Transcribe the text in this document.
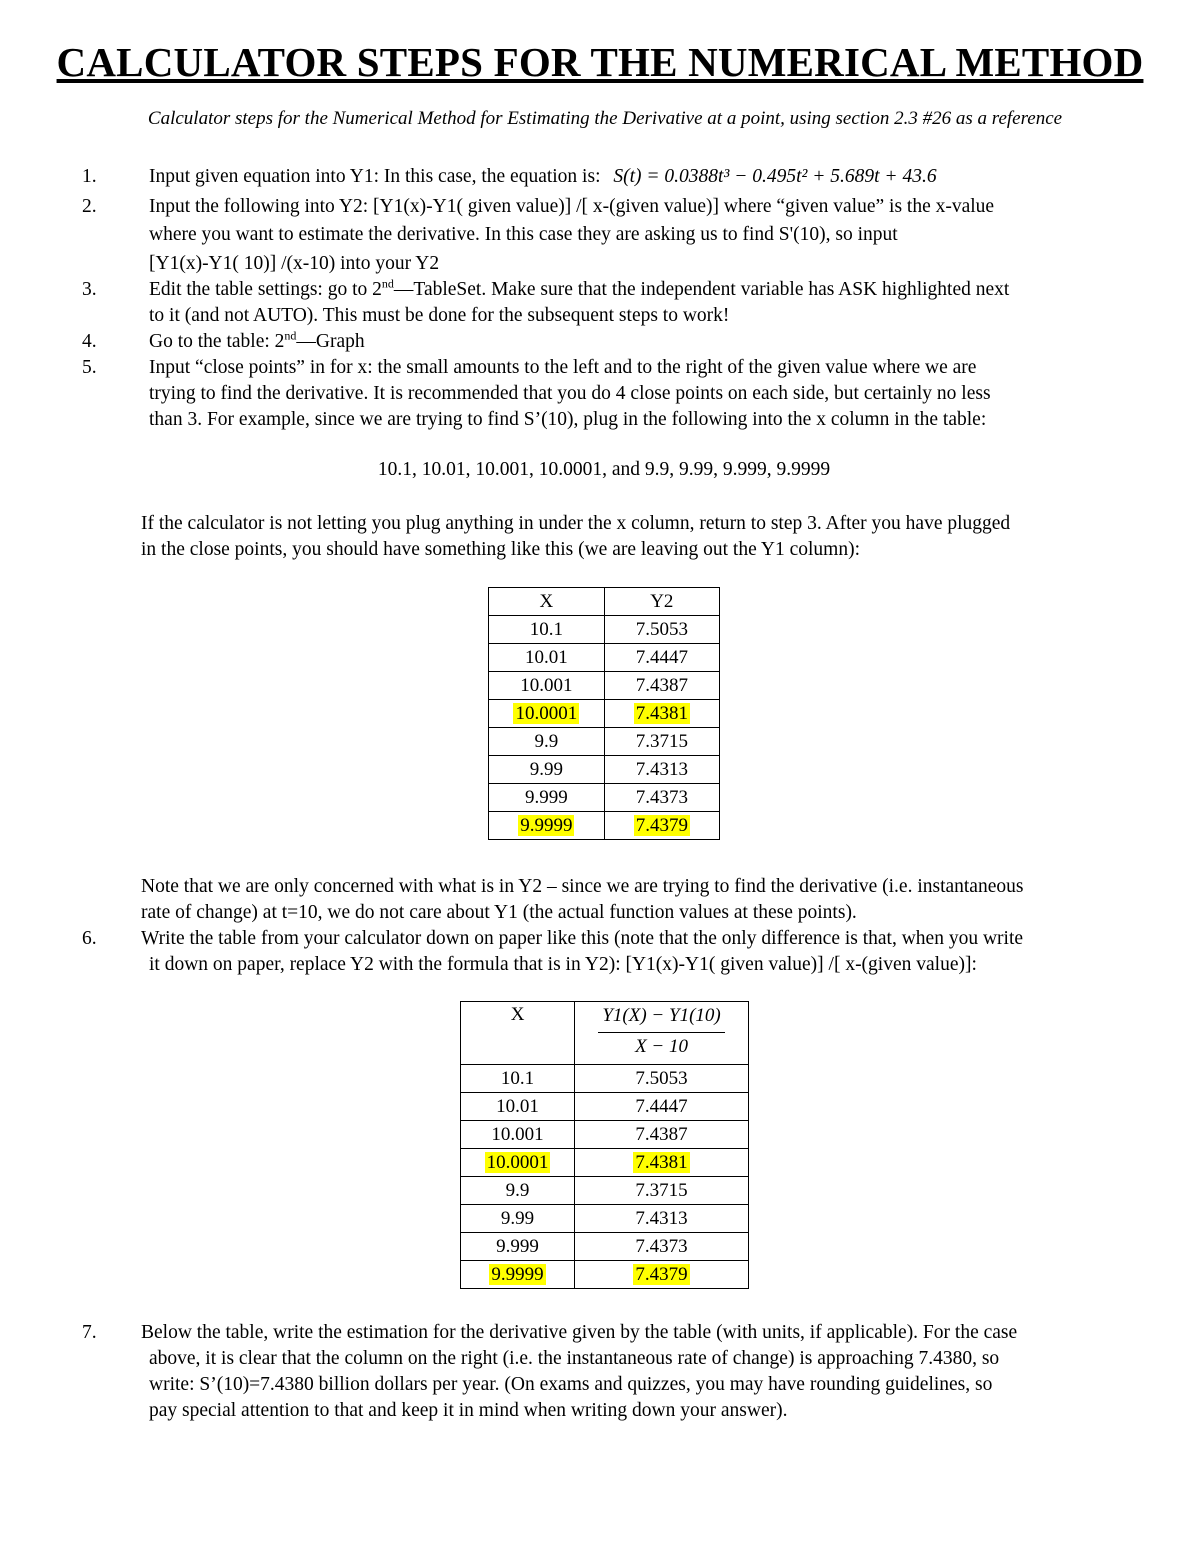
CALCULATOR STEPS FOR THE NUMERICAL METHOD
Calculator steps for the Numerical Method for Estimating the Derivative at a point, using section 2.3 #26 as a reference
1.	Input given equation into Y1: In this case, the equation is: S(t) = 0.0388t³ − 0.495t² + 5.689t + 43.6
2.	Input the following into Y2: [Y1(x)-Y1( given value)] /[ x-(given value)] where “given value” is the x-value
where you want to estimate the derivative. In this case they are asking us to find S'(10), so input
[Y1(x)-Y1( 10)] /(x-10) into your Y2
3.	Edit the table settings: go to 2nd—TableSet. Make sure that the independent variable has ASK highlighted next
to it (and not AUTO). This must be done for the subsequent steps to work!
4.	Go to the table: 2nd—Graph
5.	Input “close points” in for x: the small amounts to the left and to the right of the given value where we are
trying to find the derivative. It is recommended that you do 4 close points on each side, but certainly no less
than 3. For example, since we are trying to find S’(10), plug in the following into the x column in the table:
10.1, 10.01, 10.001, 10.0001, and 9.9, 9.99, 9.999, 9.9999
If the calculator is not letting you plug anything in under the x column, return to step 3. After you have plugged
in the close points, you should have something like this (we are leaving out the Y1 column):
X	Y2
10.1	7.5053
10.01	7.4447
10.001	7.4387
10.0001	7.4381
9.9	7.3715
9.99	7.4313
9.999	7.4373
9.9999	7.4379
Note that we are only concerned with what is in Y2 – since we are trying to find the derivative (i.e. instantaneous
rate of change) at t=10, we do not care about Y1 (the actual function values at these points).
6. Write the table from your calculator down on paper like this (note that the only difference is that, when you write
it down on paper, replace Y2 with the formula that is in Y2): [Y1(x)-Y1( given value)] /[ x-(given value)]:
X	Y1(X) − Y1(10)
X − 10
10.1	7.5053
10.01	7.4447
10.001	7.4387
10.0001	7.4381
9.9	7.3715
9.99	7.4313
9.999	7.4373
9.9999	7.4379
7. Below the table, write the estimation for the derivative given by the table (with units, if applicable). For the case
above, it is clear that the column on the right (i.e. the instantaneous rate of change) is approaching 7.4380, so
write: S’(10)=7.4380 billion dollars per year. (On exams and quizzes, you may have rounding guidelines, so
pay special attention to that and keep it in mind when writing down your answer).
